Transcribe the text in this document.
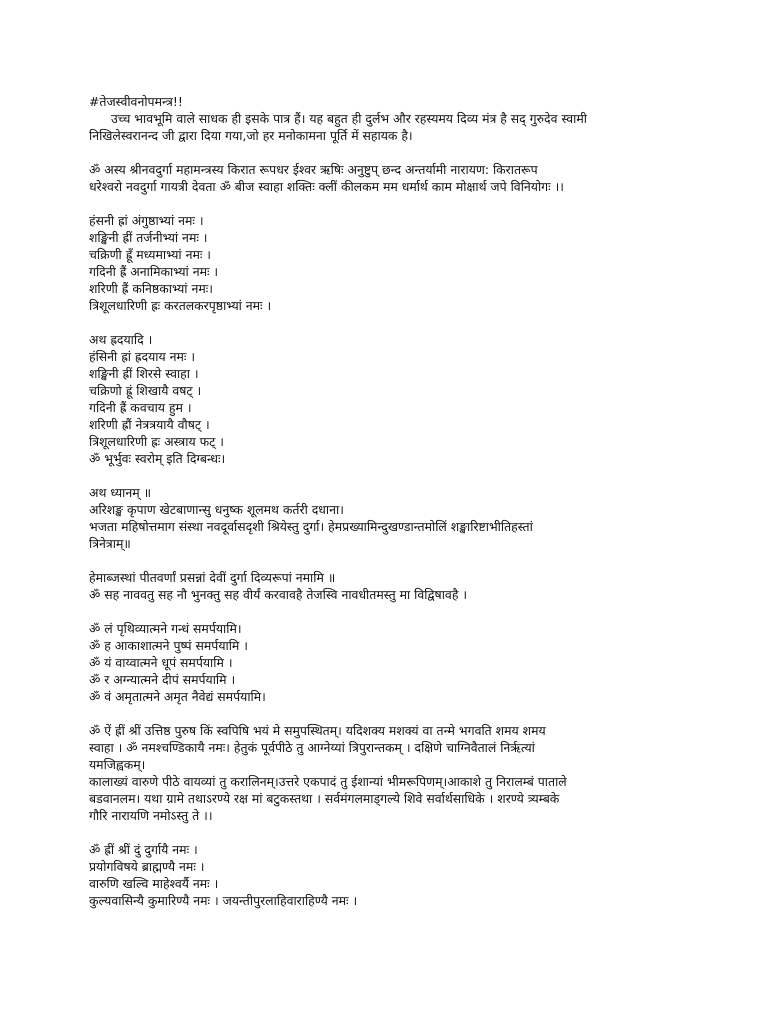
#तेजस्वीवनोपमन्त्र!!
उच्च भावभूमि वाले साधक ही इसके पात्र हैं। यह बहुत ही दुर्लभ और रहस्यमय दिव्य मंत्र है सद् गुरुदेव स्वामी
निखिलेस्वरानन्द जी द्वारा दिया गया,जो हर मनोकामना पूर्ति में सहायक है।
ॐ अस्य श्रीनवदुर्गा महामन्त्रस्य किरात रूपधर ईश्वर ऋषिः अनुष्टुप् छन्द अन्तर्यामी नारायण: किरातरूप
धरेश्वरो नवदुर्गा गायत्री देवता ॐ बीज स्वाहा शक्तिः क्लीं कीलकम मम धर्मार्थ काम मोक्षार्थ जपे विनियोगः ।।
हंसनी ह्रां अंगुष्ठाभ्यां नमः ।
शङ्खिनी ह्रीं तर्जनीभ्यां नमः ।
चक्रिणी ह्रूँ मध्यमाभ्यां नमः ।
गदिनी ह्रैं अनामिकाभ्यां नमः ।
शरिणी ह्रैं कनिष्ठकाभ्यां नमः।
त्रिशूलधारिणी ह्रः करतलकरपृष्ठाभ्यां नमः ।
अथ ह्रदयादि ।
हंसिनी ह्रां ह्रदयाय नमः ।
शङ्खिनी ह्रीं शिरसे स्वाहा ।
चक्रिणो ह्रूं शिखायै वषट् ।
गदिनी ह्रैं कवचाय हुम ।
शरिणी ह्रौं नेत्रत्रयायै वौषट् ।
त्रिशूलधारिणी ह्रः अस्त्राय फट् ।
ॐ भूर्भुवः स्वरोम् इति दिग्बन्धः।
अथ ध्यानम् ॥
अरिशङ्ख कृपाण खेटबाणान्सु धनुष्क शूलमथ कर्तरी दधाना।
भजता महिषोत्तमाग संस्था नवदूर्वासदृशी श्रियेस्तु दुर्गा। हेमप्रख्यामिन्दुखण्डान्तमोलिं शङ्खारिष्टाभीतिहस्तां
त्रिनेत्राम्॥
हेमाब्जस्थां पीतवर्णां प्रसन्नां देवीं दुर्गा दिव्यरूपां नमामि ॥
ॐ सह नाववतु सह नौ भुनक्तु सह वीर्यं करवावहै तेजस्वि नावधीतमस्तु मा विद्विषावहै ।
ॐ लं पृथिव्यात्मने गन्धं समर्पयामि।
ॐ ह आकाशात्मने पुष्पं समर्पयामि ।
ॐ यं वाय्वात्मने धूपं समर्पयामि ।
ॐ र अग्न्यात्मने दीपं समर्पयामि ।
ॐ वं अमृतात्मने अमृत नैवेद्यं समर्पयामि।
ॐ ऐं ह्रीं श्रीं उत्तिष्ठ पुरुष किं स्वपिषि भयं मे समुपस्थितम्। यदिशक्य मशक्यं वा तन्मे भगवति शमय शमय
स्वाहा । ॐ नमश्चण्डिकायै नमः। हेतुकं पूर्वपीठे तु आग्नेय्यां त्रिपुरान्तकम् । दक्षिणे चाग्निवैतालं निर्ऋत्यां
यमजिह्वकम्।
कालाख्यं वारुणे पीठे वायव्यां तु करालिनम्।उत्तरे एकपादं तु ईशान्यां भीमरूपिणम्।आकाशे तु निरालम्बं पाताले
बडवानलम। यथा ग्रामे तथाऽरण्ये रक्ष मां बटुकस्तथा । सर्वमंगलमाड्गल्ये शिवे सर्वार्थसाधिके । शरण्ये त्र्यम्बके
गौरि नारायणि नमोऽस्तु ते ।।
ॐ ह्रीं श्रीं दुं दुर्गायै नमः ।
प्रयोगविषये ब्राह्मण्यै नमः ।
वारुणि खल्वि माहेश्वर्यै नमः ।
कुल्यवासिन्यै कुमारिण्यै नमः । जयन्तीपुरलाहिवाराहिण्यै नमः ।
